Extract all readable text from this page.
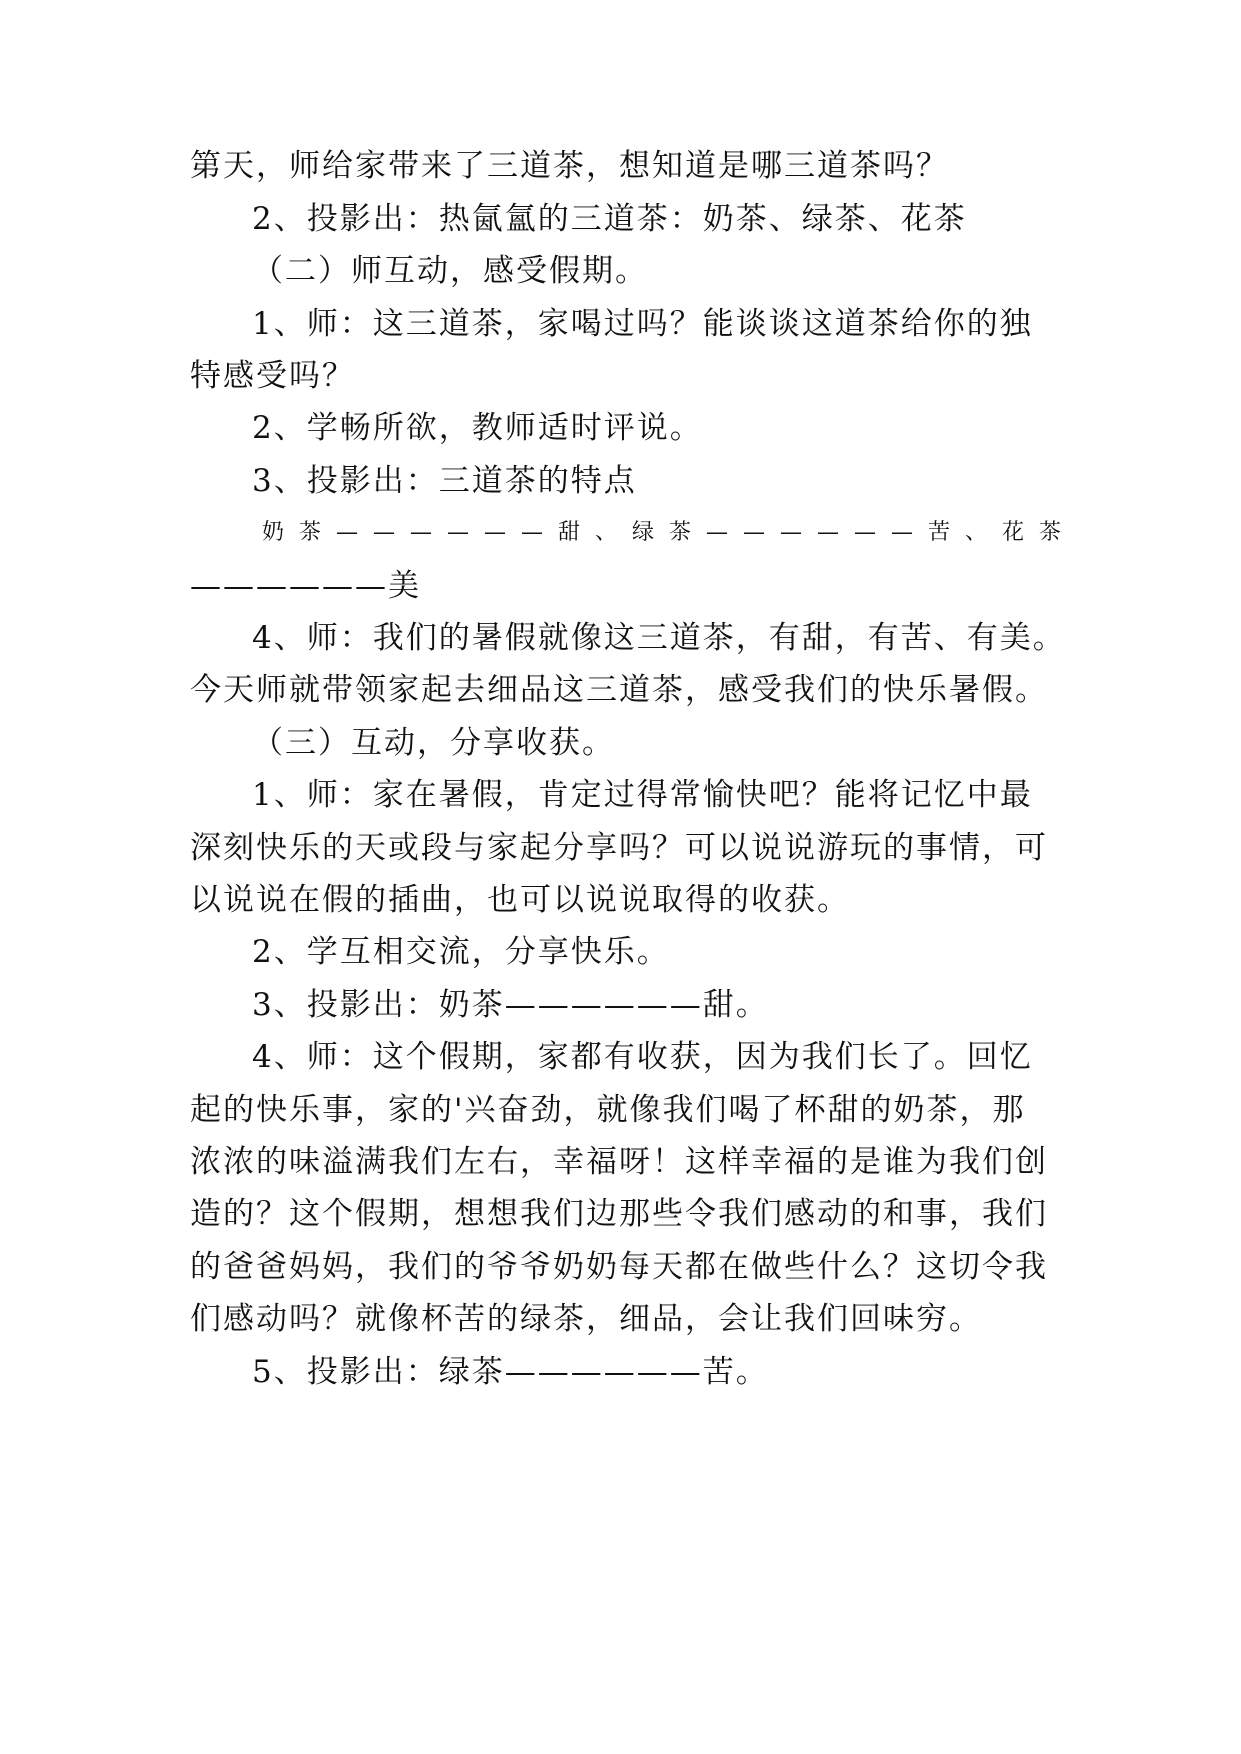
第天，师给家带来了三道茶，想知道是哪三道茶吗？
2、投影出：热氤氳的三道茶：奶茶、绿茶、花茶
（二）师互动，感受假期。
1、师：这三道茶，家喝过吗？能谈谈这道茶给你的独
特感受吗？
2、学畅所欲，教师适时评说。
3、投影出：三道茶的特点
奶茶——————甜、绿茶——————苦、花茶
——————美
4、师：我们的暑假就像这三道茶，有甜，有苦、有美。
今天师就带领家起去细品这三道茶，感受我们的快乐暑假。
（三）互动，分享收获。
1、师：家在暑假，肯定过得常愉快吧？能将记忆中最
深刻快乐的天或段与家起分享吗？可以说说游玩的事情，可
以说说在假的插曲，也可以说说取得的收获。
2、学互相交流，分享快乐。
3、投影出：奶茶——————甜。
4、师：这个假期，家都有收获，因为我们长了。回忆
起的快乐事，家的'兴奋劲，就像我们喝了杯甜的奶茶，那
浓浓的味溢满我们左右，幸福呀！这样幸福的是谁为我们创
造的？这个假期，想想我们边那些令我们感动的和事，我们
的爸爸妈妈，我们的爷爷奶奶每天都在做些什么？这切令我
们感动吗？就像杯苦的绿茶，细品，会让我们回味穷。
5、投影出：绿茶——————苦。
